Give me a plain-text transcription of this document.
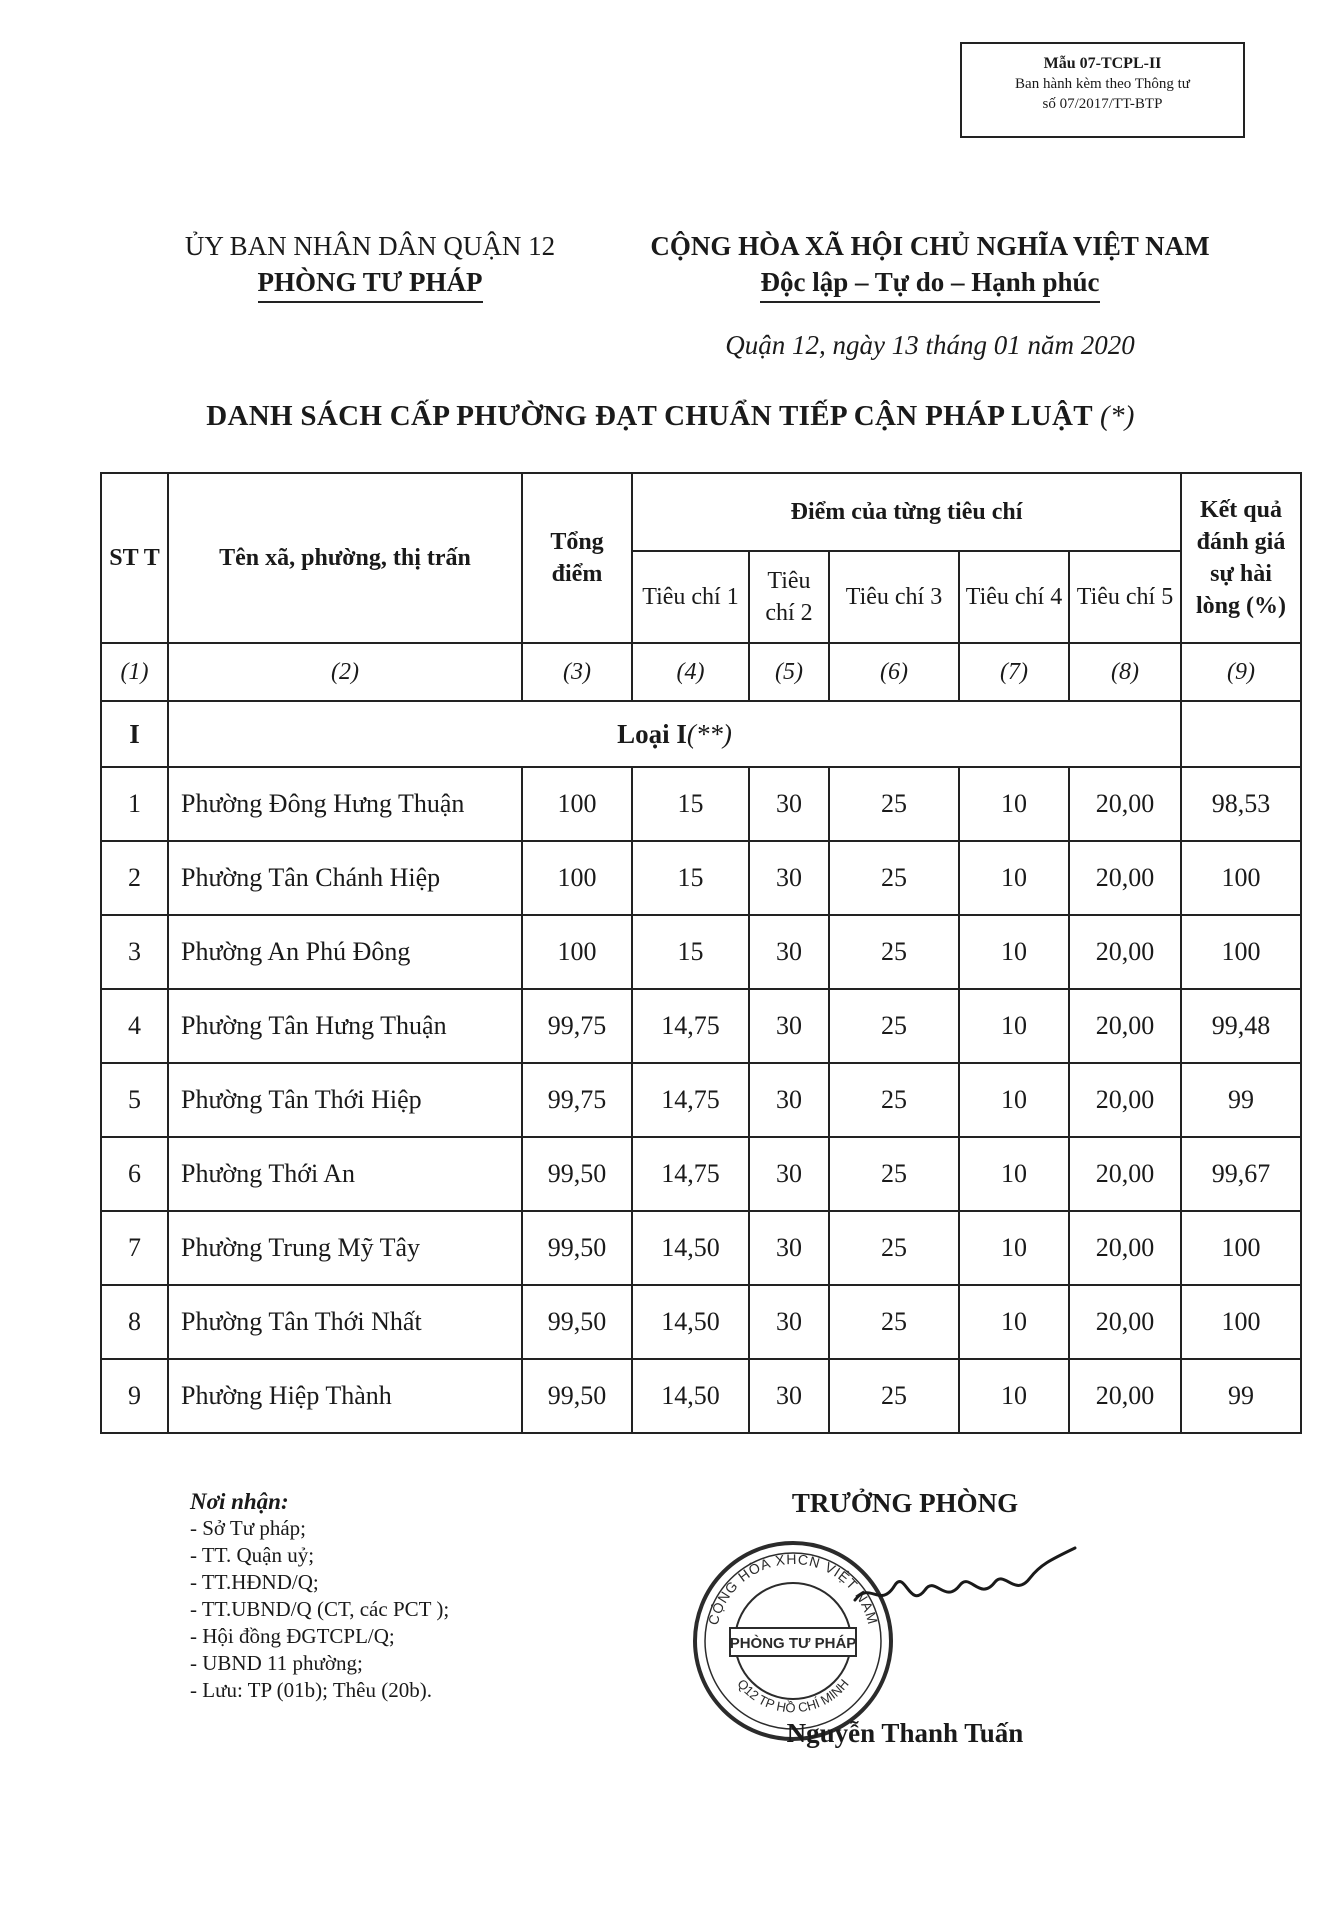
Mẫu 07-TCPL-II
Ban hành kèm theo Thông tư
số 07/2017/TT-BTP
ỦY BAN NHÂN DÂN QUẬN 12
PHÒNG TƯ PHÁP
CỘNG HÒA XÃ HỘI CHỦ NGHĨA VIỆT NAM
Độc lập – Tự do – Hạnh phúc
Quận 12, ngày 13 tháng 01 năm 2020
DANH SÁCH CẤP PHƯỜNG ĐẠT CHUẨN TIẾP CẬN PHÁP LUẬT (*)
ST T	Tên xã, phường, thị trấn	Tổng điểm	Điểm của từng tiêu chí					Kết quả đánh giá sự hài lòng (%)
			Tiêu chí 1	Tiêu chí 2	Tiêu chí 3	Tiêu chí 4	Tiêu chí 5	
(1)	(2)	(3)	(4)	(5)	(6)	(7)	(8)	(9)
I	Loại I(**)							
1	Phường Đông Hưng Thuận	100	15	30	25	10	20,00	98,53
2	Phường Tân Chánh Hiệp	100	15	30	25	10	20,00	100
3	Phường An Phú Đông	100	15	30	25	10	20,00	100
4	Phường Tân Hưng Thuận	99,75	14,75	30	25	10	20,00	99,48
5	Phường Tân Thới Hiệp	99,75	14,75	30	25	10	20,00	99
6	Phường Thới An	99,50	14,75	30	25	10	20,00	99,67
7	Phường Trung Mỹ Tây	99,50	14,50	30	25	10	20,00	100
8	Phường Tân Thới Nhất	99,50	14,50	30	25	10	20,00	100
9	Phường Hiệp Thành	99,50	14,50	30	25	10	20,00	99
Nơi nhận:
- Sở Tư pháp;
- TT. Quận uỷ;
- TT.HĐND/Q;
- TT.UBND/Q (CT, các PCT );
- Hội đồng ĐGTCPL/Q;
- UBND 11 phường;
- Lưu: TP (01b); Thêu (20b).
TRƯỞNG PHÒNG
CỘNG HÒA XHCN VIỆT NAM
Q12 TP HỒ CHÍ MINH
PHÒNG TƯ PHÁP
Nguyễn Thanh Tuấn
